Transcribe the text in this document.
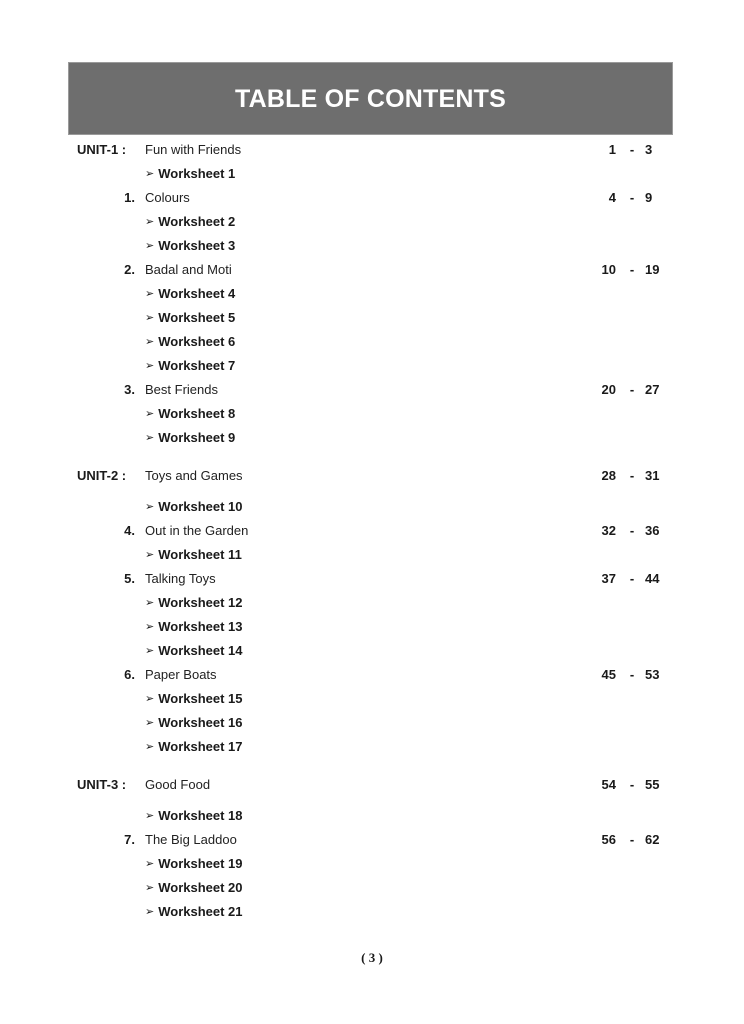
TABLE OF CONTENTS
UNIT-1 : Fun with Friends	1 - 3
➢ Worksheet 1
1. Colours	4 - 9
➢ Worksheet 2
➢ Worksheet 3
2. Badal and Moti	10 - 19
➢ Worksheet 4
➢ Worksheet 5
➢ Worksheet 6
➢ Worksheet 7
3. Best Friends	20 - 27
➢ Worksheet 8
➢ Worksheet 9
UNIT-2 : Toys and Games	28 - 31
➢ Worksheet 10
4. Out in the Garden	32 - 36
➢ Worksheet 11
5. Talking Toys	37 - 44
➢ Worksheet 12
➢ Worksheet 13
➢ Worksheet 14
6. Paper Boats	45 - 53
➢ Worksheet 15
➢ Worksheet 16
➢ Worksheet 17
UNIT-3 : Good Food	54 - 55
➢ Worksheet 18
7. The Big Laddoo	56 - 62
➢ Worksheet 19
➢ Worksheet 20
➢ Worksheet 21
( 3 )
